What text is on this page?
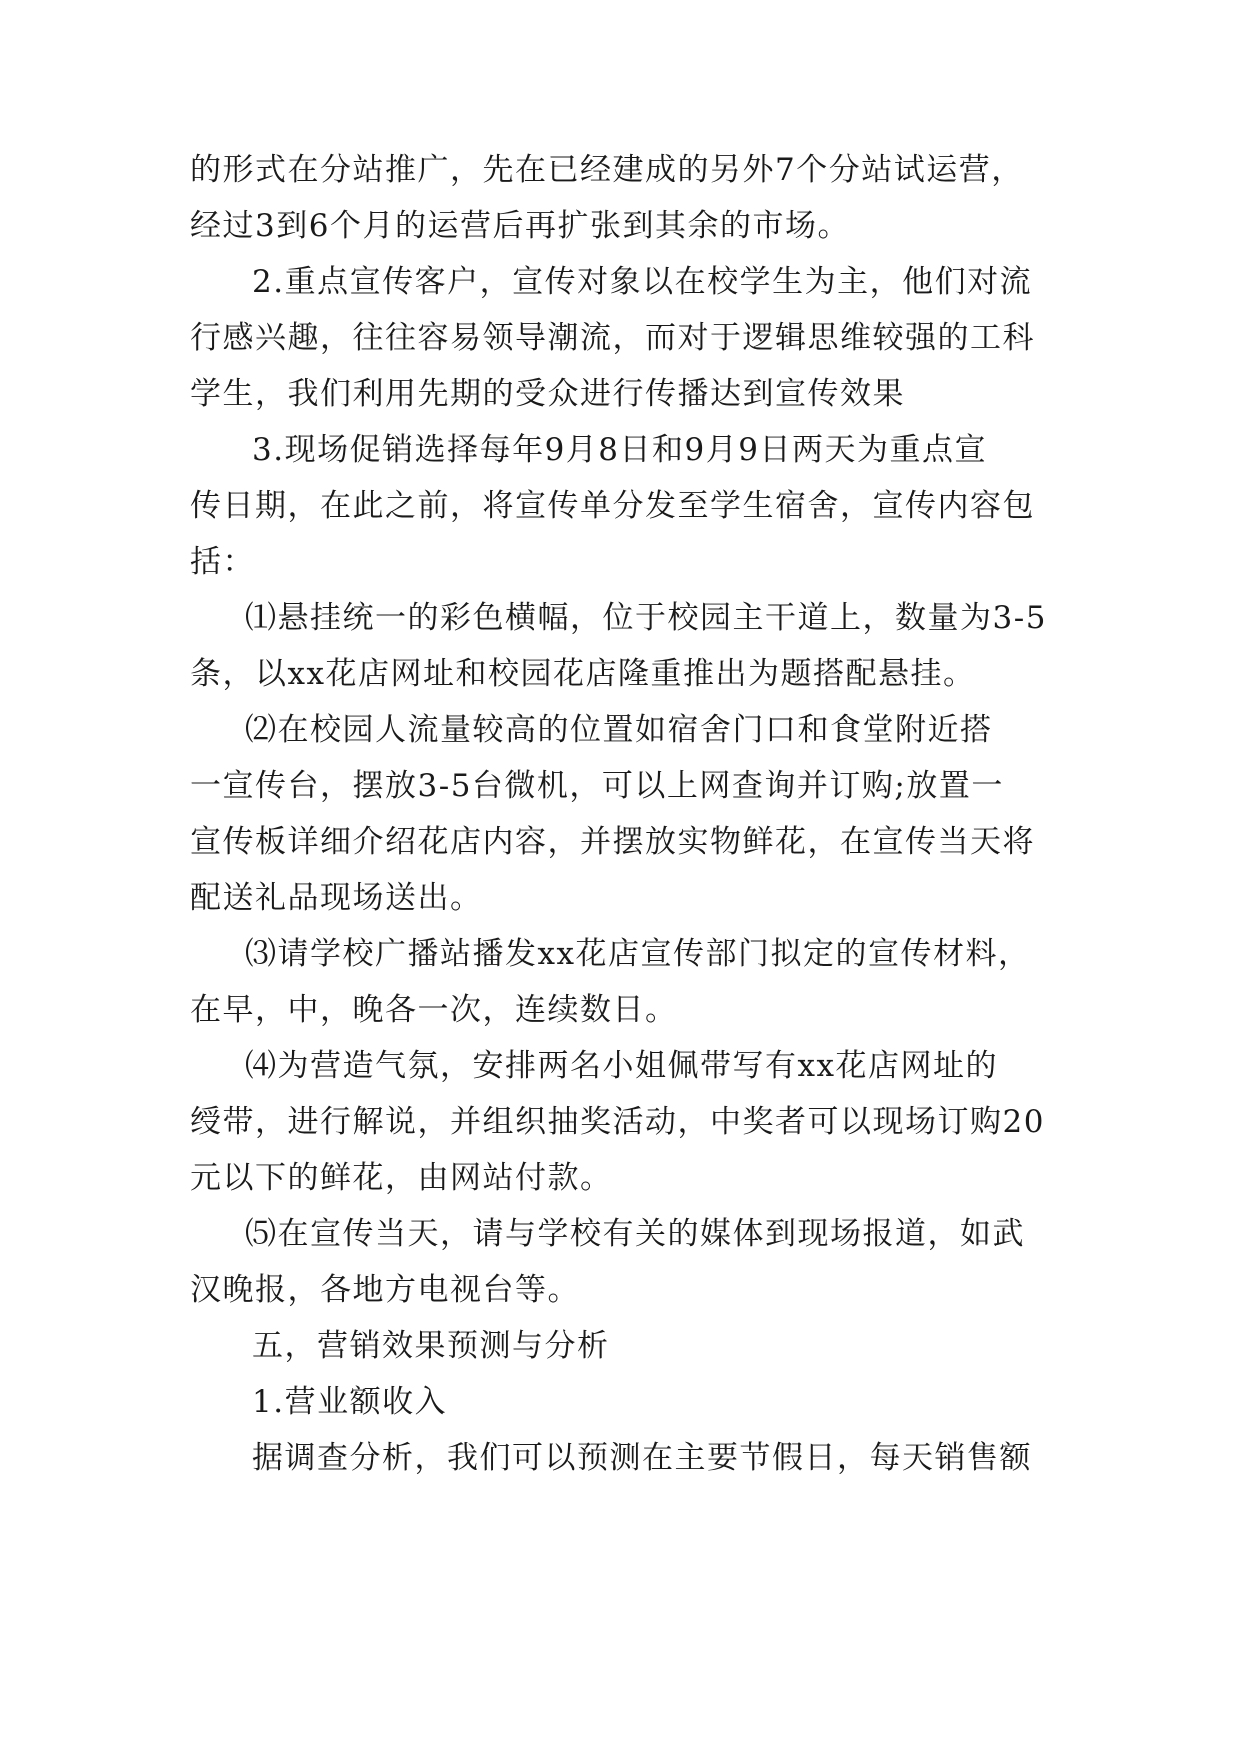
的形式在分站推广，先在已经建成的另外7个分站试运营，
经过3到6个月的运营后再扩张到其余的市场。
2.重点宣传客户，宣传对象以在校学生为主，他们对流
行感兴趣，往往容易领导潮流，而对于逻辑思维较强的工科
学生，我们利用先期的受众进行传播达到宣传效果
3.现场促销选择每年9月8日和9月9日两天为重点宣
传日期，在此之前，将宣传单分发至学生宿舍，宣传内容包
括：
⑴悬挂统一的彩色横幅，位于校园主干道上，数量为3-5
条，以xx花店网址和校园花店隆重推出为题搭配悬挂。
⑵在校园人流量较高的位置如宿舍门口和食堂附近搭
一宣传台，摆放3-5台微机，可以上网查询并订购;放置一
宣传板详细介绍花店内容，并摆放实物鲜花，在宣传当天将
配送礼品现场送出。
⑶请学校广播站播发xx花店宣传部门拟定的宣传材料，
在早，中，晚各一次，连续数日。
⑷为营造气氛，安排两名小姐佩带写有xx花店网址的
绶带，进行解说，并组织抽奖活动，中奖者可以现场订购20
元以下的鲜花，由网站付款。
⑸在宣传当天，请与学校有关的媒体到现场报道，如武
汉晚报，各地方电视台等。
五，营销效果预测与分析
1.营业额收入
据调查分析，我们可以预测在主要节假日，每天销售额
